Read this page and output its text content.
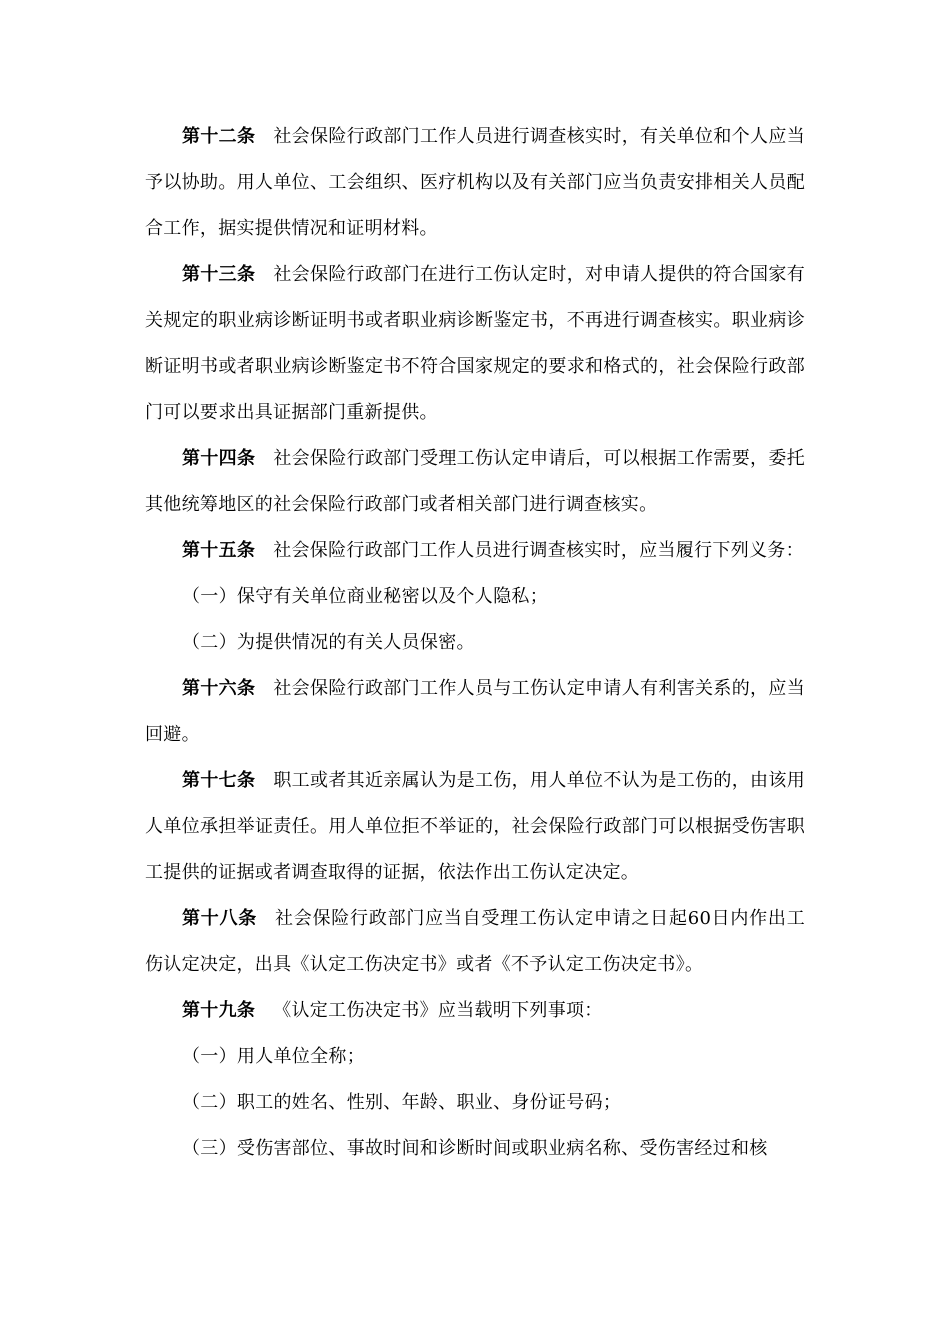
第十二条 社会保险行政部门工作人员进行调查核实时，有关单位和个人应当予以协助。用人单位、工会组织、医疗机构以及有关部门应当负责安排相关人员配合工作，据实提供情况和证明材料。

第十三条 社会保险行政部门在进行工伤认定时，对申请人提供的符合国家有关规定的职业病诊断证明书或者职业病诊断鉴定书，不再进行调查核实。职业病诊断证明书或者职业病诊断鉴定书不符合国家规定的要求和格式的，社会保险行政部门可以要求出具证据部门重新提供。

第十四条 社会保险行政部门受理工伤认定申请后，可以根据工作需要，委托其他统筹地区的社会保险行政部门或者相关部门进行调查核实。

第十五条 社会保险行政部门工作人员进行调查核实时，应当履行下列义务：

（一）保守有关单位商业秘密以及个人隐私；

（二）为提供情况的有关人员保密。

第十六条 社会保险行政部门工作人员与工伤认定申请人有利害关系的，应当回避。

第十七条 职工或者其近亲属认为是工伤，用人单位不认为是工伤的，由该用人单位承担举证责任。用人单位拒不举证的，社会保险行政部门可以根据受伤害职工提供的证据或者调查取得的证据，依法作出工伤认定决定。

第十八条 社会保险行政部门应当自受理工伤认定申请之日起60日内作出工伤认定决定，出具《认定工伤决定书》或者《不予认定工伤决定书》。

第十九条 《认定工伤决定书》应当载明下列事项：

（一）用人单位全称；

（二）职工的姓名、性别、年龄、职业、身份证号码；

（三）受伤害部位、事故时间和诊断时间或职业病名称、受伤害经过和核
